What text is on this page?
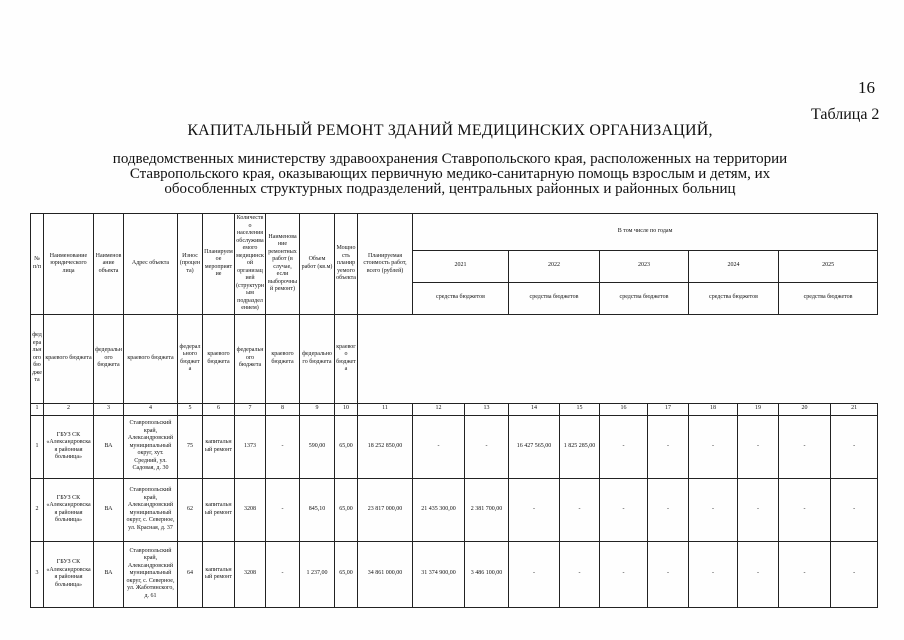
16
Таблица 2
КАПИТАЛЬНЫЙ РЕМОНТ ЗДАНИЙ МЕДИЦИНСКИХ ОРГАНИЗАЦИЙ,
подведомственных министерству здравоохранения Ставропольского края, расположенных на территории Ставропольского края, оказывающих первичную медико-санитарную помощь взрослым и детям, их обособленных структурных подразделений, центральных районных и районных больниц
№ п/п	Наименование юридического лица	Наименование объекта	Адрес объекта	Износ (процента)	Планируемое мероприятие	Количество населения обслуживаемого медицинской организацией (структурным подразделением)	Наименование ремонтных работ (в случае, если выборочный ремонт)	Объем работ (кв.м)	Мощность планируемого объекта	Планируемая стоимость работ, всего (рублей)	В том числе по годам									
											2021		2022		2023		2024		2025	
											средства бюджетов		средства бюджетов		средства бюджетов		средства бюджетов		средства бюджетов	
федерального бюджета	краевого бюджета	федерального бюджета	краевого бюджета	федерального бюджета	краевого бюджета	федерального бюджета	краевого бюджета	федерального бюджета	краевого бюджета											
1	2	3	4	5	6	7	8	9	10	11	12	13	14	15	16	17	18	19	20	21
1	ГБУЗ СК «Александровская районная больница»	ВА	Ставропольский край, Александровский муниципальный округ, хут. Средний, ул. Садовая, д. 30	75	капитальный ремонт	1373	-	590,00	65,00	18 252 850,00	-	-	16 427 565,00	1 825 285,00	-	-	-	-	-	-
2	ГБУЗ СК «Александровская районная больница»	ВА	Ставропольский край, Александровский муниципальный округ, с. Северное, ул. Красная, д. 37	62	капитальный ремонт	3208	-	845,10	65,00	23 817 000,00	21 435 300,00	2 381 700,00	-	-	-	-	-	-	-	-
3	ГБУЗ СК «Александровская районная больница»	ВА	Ставропольский край, Александровский муниципальный округ, с. Северное, ул. Жаботинского, д. 61	64	капитальный ремонт	3208	-	1 237,00	65,00	34 861 000,00	31 374 900,00	3 486 100,00	-	-	-	-	-	-	-	-
